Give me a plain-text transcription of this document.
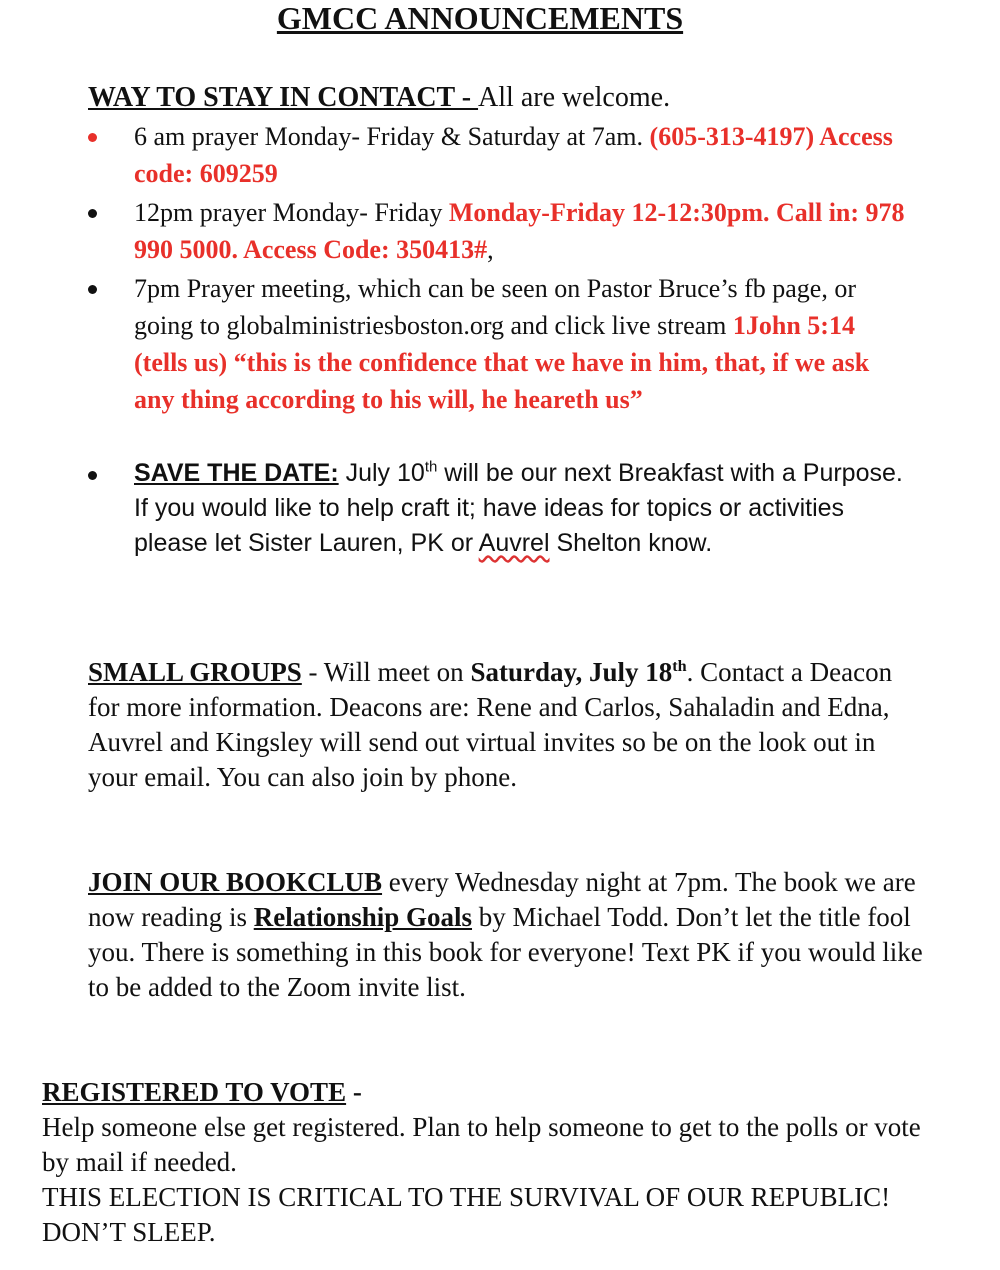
GMCC ANNOUNCEMENTS
WAY TO STAY IN CONTACT - All are welcome.
6 am prayer Monday- Friday & Saturday at 7am. (605-313-4197) Access code: 609259
12pm prayer Monday- Friday Monday-Friday 12-12:30pm. Call in: 978 990 5000. Access Code: 350413#,
7pm Prayer meeting, which can be seen on Pastor Bruce’s fb page, or going to globalministriesboston.org and click live stream 1John 5:14 (tells us) “this is the confidence that we have in him, that, if we ask any thing according to his will, he heareth us”
SAVE THE DATE: July 10th will be our next Breakfast with a Purpose. If you would like to help craft it; have ideas for topics or activities please let Sister Lauren, PK or Auvrel Shelton know.
SMALL GROUPS - Will meet on Saturday, July 18th. Contact a Deacon for more information. Deacons are: Rene and Carlos, Sahaladin and Edna, Auvrel and Kingsley will send out virtual invites so be on the look out in your email. You can also join by phone.
JOIN OUR BOOKCLUB every Wednesday night at 7pm. The book we are now reading is Relationship Goals by Michael Todd. Don’t let the title fool you. There is something in this book for everyone! Text PK if you would like to be added to the Zoom invite list.
REGISTERED TO VOTE -
Help someone else get registered. Plan to help someone to get to the polls or vote by mail if needed.
THIS ELECTION IS CRITICAL TO THE SURVIVAL OF OUR REPUBLIC! DON’T SLEEP.
